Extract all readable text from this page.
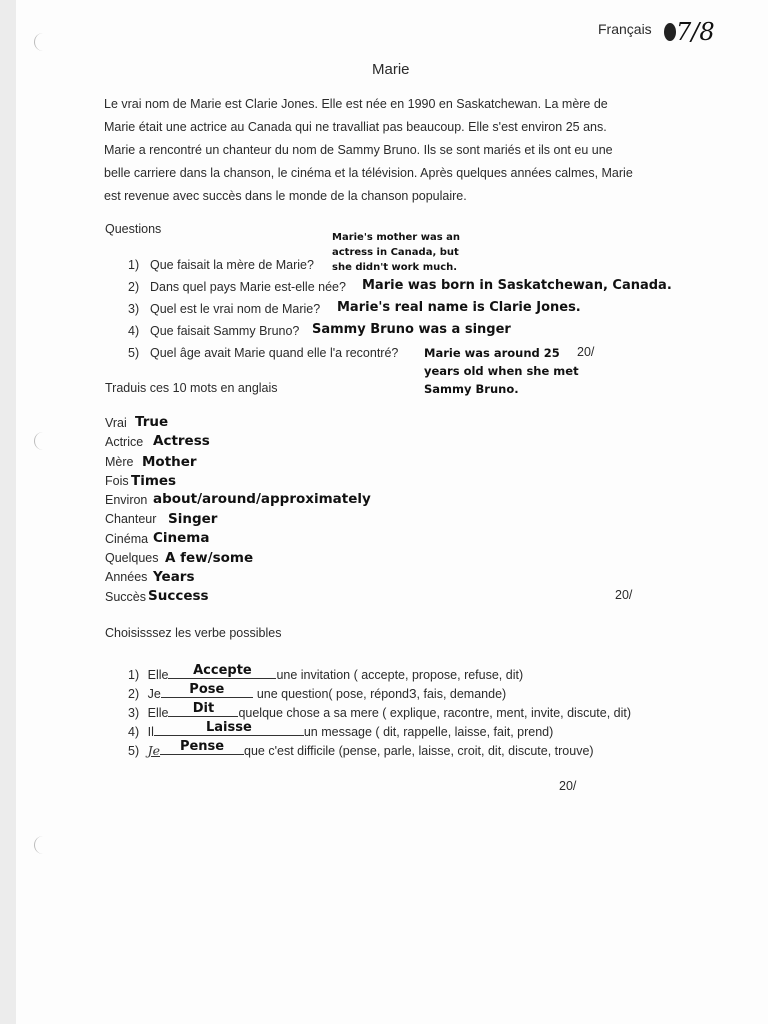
Français 7/8
Marie
Le vrai nom de Marie est Clarie Jones. Elle est née en 1990 en Saskatchewan. La mère de
Marie était une actrice au Canada qui ne travalliat pas beaucoup. Elle s'est environ 25 ans.
Marie a rencontré un chanteur du nom de Sammy Bruno. Ils se sont mariés et ils ont eu une
belle carriere dans la chanson, le cinéma et la télévision. Après quelques années calmes, Marie
est revenue avec succès dans le monde de la chanson populaire.
Questions
1) Que faisait la mère de Marie?
Marie's mother was an
actress in Canada, but
she didn't work much.
2) Dans quel pays Marie est-elle née? Marie was born in Saskatchewan, Canada.
3) Quel est le vrai nom de Marie? Marie's real name is Clarie Jones.
4) Que faisait Sammy Bruno? Sammy Bruno was a singer
5) Quel âge avait Marie quand elle l'a recontré? Marie was around 25
years old when she met
Sammy Bruno.
20/
Traduis ces 10 mots en anglais
Vrai True
Actrice Actress
Mère Mother
Fois Times
Environ about/around/approximately
Chanteur Singer
Cinéma Cinema
Quelques A few/some
Années Years
Succès Success	20/
Choisisssez les verbe possibles
1) Elle	Accepte	une invitation ( accepte, propose, refuse, dit)
2) Je	Pose	une question( pose, répondЗ, fais, demande)
3) Elle	Dit	quelque chose a sa mere ( explique, racontre, ment, invite, discute, dit)
4) Il	Laisse	un message ( dit, rappelle, laisse, fait, prend)
5) Je	Pense	que c'est difficile (pense, parle, laisse, croit, dit, discute, trouve)
20/
